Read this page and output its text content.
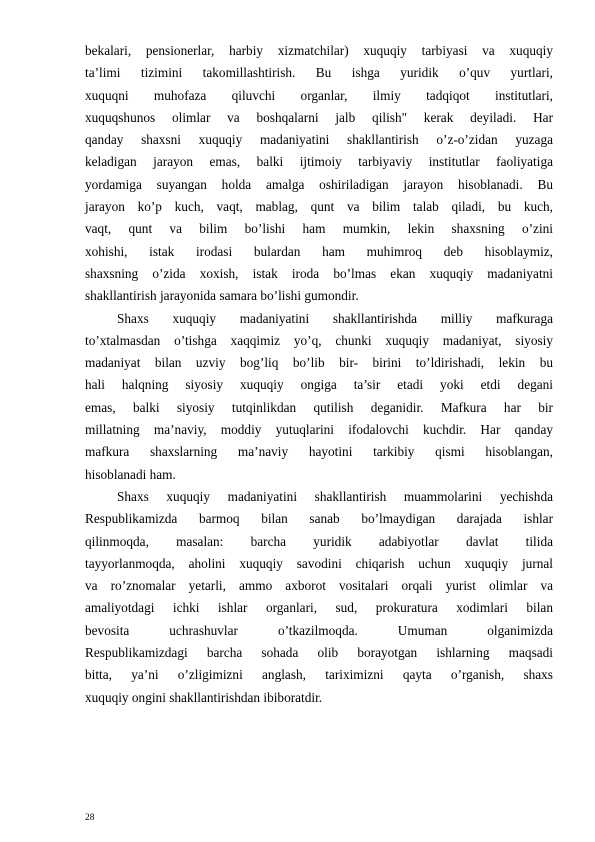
bekalari, pensionerlar, harbiy xizmatchilar) xuquqiy tarbiyasi va xuquqiy
ta’limi tizimini takomillashtirish. Bu ishga yuridik o’quv yurtlari,
xuquqni muhofaza qiluvchi organlar, ilmiy tadqiqot institutlari,
xuquqshunos olimlar va boshqalarni jalb qilish" kerak deyiladi. Har
qanday shaxsni xuquqiy madaniyatini shakllantirish o’z-o’zidan yuzaga
keladigan jarayon emas, balki ijtimoiy tarbiyaviy institutlar faoliyatiga
yordamiga suyangan holda amalga oshiriladigan jarayon hisoblanadi. Bu
jarayon ko’p kuch, vaqt, mablag, qunt va bilim talab qiladi, bu kuch,
vaqt, qunt va bilim bo’lishi ham mumkin, lekin shaxsning o’zini
xohishi, istak irodasi bulardan ham muhimroq deb hisoblaymiz,
shaxsning o’zida xoxish, istak iroda bo’lmas ekan xuquqiy madaniyatni
shakllantirish jarayonida samara bo’lishi gumondir.
Shaxs xuquqiy madaniyatini shakllantirishda milliy mafkuraga
to’xtalmasdan o’tishga xaqqimiz yo’q, chunki xuquqiy madaniyat, siyosiy
madaniyat bilan uzviy bog’liq bo’lib bir- birini to’ldirishadi, lekin bu
hali halqning siyosiy xuquqiy ongiga ta’sir etadi yoki etdi degani
emas, balki siyosiy tutqinlikdan qutilish deganidir. Mafkura har bir
millatning ma’naviy, moddiy yutuqlarini ifodalovchi kuchdir. Har qanday
mafkura shaxslarning ma’naviy hayotini tarkibiy qismi hisoblangan,
hisoblanadi ham.
Shaxs xuquqiy madaniyatini shakllantirish muammolarini yechishda
Respublikamizda barmoq bilan sanab bo’lmaydigan darajada ishlar
qilinmoqda, masalan: barcha yuridik adabiyotlar davlat tilida
tayyorlanmoqda, aholini xuquqiy savodini chiqarish uchun xuquqiy jurnal
va ro’znomalar yetarli, ammo axborot vositalari orqali yurist olimlar va
amaliyotdagi ichki ishlar organlari, sud, prokuratura xodimlari bilan
bevosita uchrashuvlar o’tkazilmoqda. Umuman olganimizda
Respublikamizdagi barcha sohada olib borayotgan ishlarning maqsadi
bitta, ya’ni o’zligimizni anglash, tariximizni qayta o’rganish, shaxs
xuquqiy ongini shakllantirishdan ibiboratdir.
28
